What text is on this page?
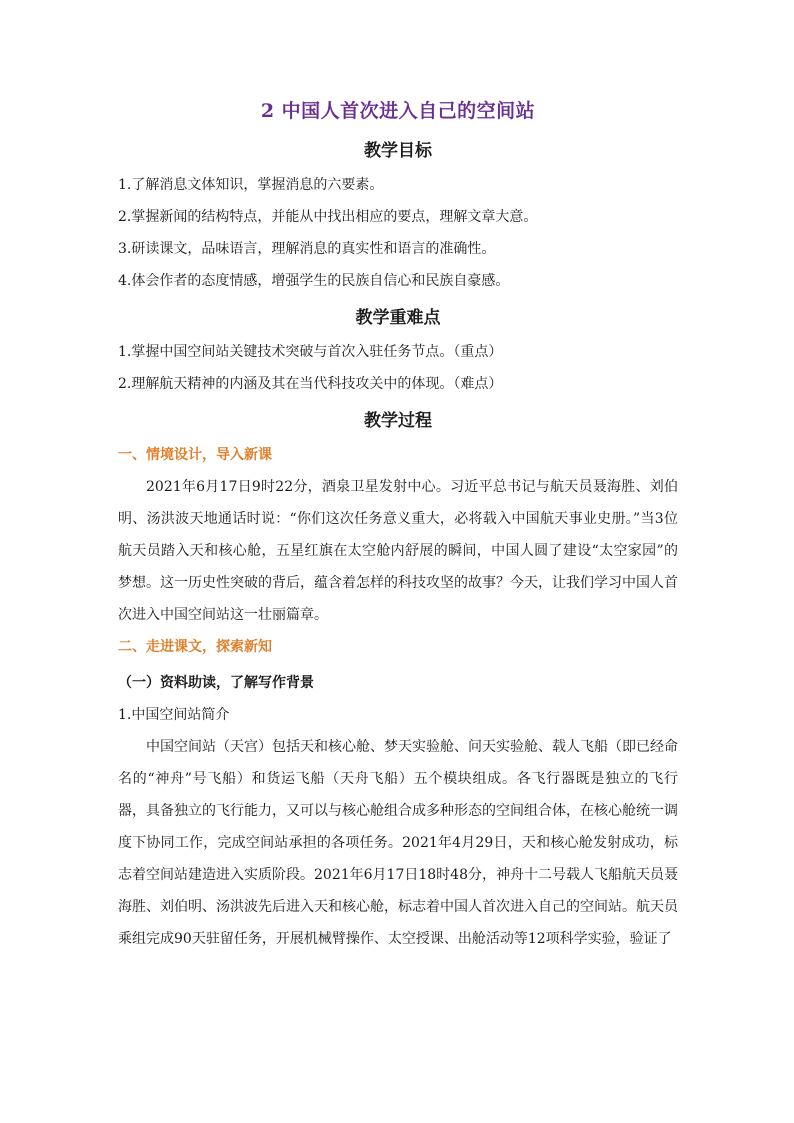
2 中国人首次进入自己的空间站
教学目标

1.了解消息文体知识，掌握消息的六要素。

2.掌握新闻的结构特点，并能从中找出相应的要点，理解文章大意。

3.研读课文，品味语言，理解消息的真实性和语言的准确性。

4.体会作者的态度情感，增强学生的民族自信心和民族自豪感。

教学重难点

1.掌握中国空间站关键技术突破与首次入驻任务节点。（重点）

2.理解航天精神的内涵及其在当代科技攻关中的体现。（难点）

教学过程

一、情境设计，导入新课

2021年6月17日9时22分，酒泉卫星发射中心。习近平总书记与航天员聂海胜、刘伯明、汤洪波天地通话时说：“你们这次任务意义重大，必将载入中国航天事业史册。”当3位航天员踏入天和核心舱，五星红旗在太空舱内舒展的瞬间，中国人圆了建设“太空家园”的梦想。这一历史性突破的背后，蕴含着怎样的科技攻坚的故事？今天，让我们学习中国人首次进入中国空间站这一壮丽篇章。

二、走进课文，探索新知

（一）资料助读，了解写作背景

1.中国空间站简介

中国空间站（天宫）包括天和核心舱、梦天实验舱、问天实验舱、载人飞船（即已经命名的“神舟”号飞船）和货运飞船（天舟飞船）五个模块组成。各飞行器既是独立的飞行器，具备独立的飞行能力，又可以与核心舱组合成多种形态的空间组合体，在核心舱统一调度下协同工作，完成空间站承担的各项任务。2021年4月29日，天和核心舱发射成功，标志着空间站建造进入实质阶段。2021年6月17日18时48分，神舟十二号载人飞船航天员聂海胜、刘伯明、汤洪波先后进入天和核心舱，标志着中国人首次进入自己的空间站。航天员乘组完成90天驻留任务，开展机械臂操作、太空授课、出舱活动等12项科学实验，验证了
